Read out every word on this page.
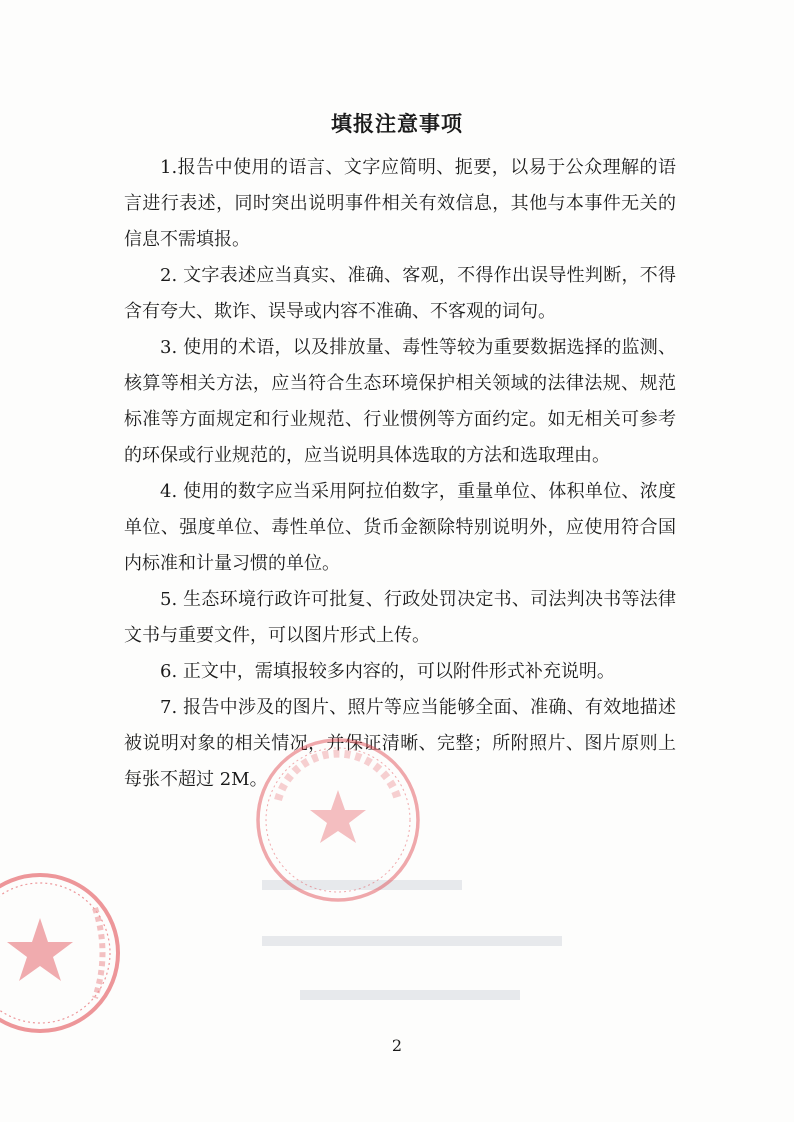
填报注意事项

1.报告中使用的语言、文字应简明、扼要，以易于公众理解的语言进行表述，同时突出说明事件相关有效信息，其他与本事件无关的信息不需填报。

2. 文字表述应当真实、准确、客观，不得作出误导性判断，不得含有夸大、欺诈、误导或内容不准确、不客观的词句。

3. 使用的术语，以及排放量、毒性等较为重要数据选择的监测、核算等相关方法，应当符合生态环境保护相关领域的法律法规、规范标准等方面规定和行业规范、行业惯例等方面约定。如无相关可参考的环保或行业规范的，应当说明具体选取的方法和选取理由。

4. 使用的数字应当采用阿拉伯数字，重量单位、体积单位、浓度单位、强度单位、毒性单位、货币金额除特别说明外，应使用符合国内标准和计量习惯的单位。

5. 生态环境行政许可批复、行政处罚决定书、司法判决书等法律文书与重要文件，可以图片形式上传。

6. 正文中，需填报较多内容的，可以附件形式补充说明。

7. 报告中涉及的图片、照片等应当能够全面、准确、有效地描述被说明对象的相关情况，并保证清晰、完整；所附照片、图片原则上每张不超过 2M。

2
